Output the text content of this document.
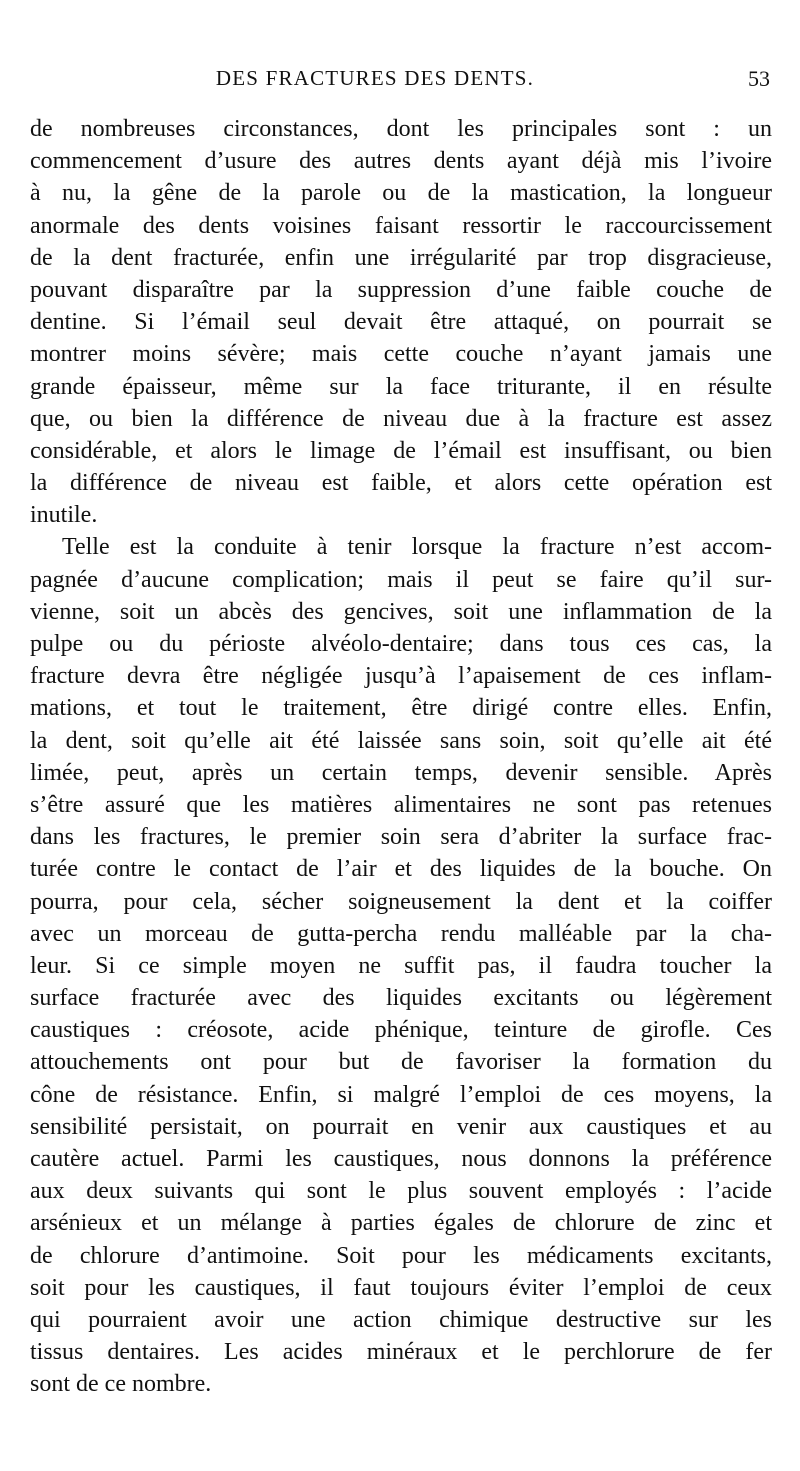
DES FRACTURES DES DENTS.	53
de nombreuses circonstances, dont les principales sont : un
commencement d’usure des autres dents ayant déjà mis l’ivoire
à nu, la gêne de la parole ou de la mastication, la longueur
anormale des dents voisines faisant ressortir le raccourcissement
de la dent fracturée, enfin une irrégularité par trop disgracieuse,
pouvant disparaître par la suppression d’une faible couche de
dentine. Si l’émail seul devait être attaqué, on pourrait se
montrer moins sévère; mais cette couche n’ayant jamais une
grande épaisseur, même sur la face triturante, il en résulte
que, ou bien la différence de niveau due à la fracture est assez
considérable, et alors le limage de l’émail est insuffisant, ou bien
la différence de niveau est faible, et alors cette opération est
inutile.
Telle est la conduite à tenir lorsque la fracture n’est accom-
pagnée d’aucune complication; mais il peut se faire qu’il sur-
vienne, soit un abcès des gencives, soit une inflammation de la
pulpe ou du périoste alvéolo-dentaire; dans tous ces cas, la
fracture devra être négligée jusqu’à l’apaisement de ces inflam-
mations, et tout le traitement, être dirigé contre elles. Enfin,
la dent, soit qu’elle ait été laissée sans soin, soit qu’elle ait été
limée, peut, après un certain temps, devenir sensible. Après
s’être assuré que les matières alimentaires ne sont pas retenues
dans les fractures, le premier soin sera d’abriter la surface frac-
turée contre le contact de l’air et des liquides de la bouche. On
pourra, pour cela, sécher soigneusement la dent et la coiffer
avec un morceau de gutta-percha rendu malléable par la cha-
leur. Si ce simple moyen ne suffit pas, il faudra toucher la
surface fracturée avec des liquides excitants ou légèrement
caustiques : créosote, acide phénique, teinture de girofle. Ces
attouchements ont pour but de favoriser la formation du
cône de résistance. Enfin, si malgré l’emploi de ces moyens, la
sensibilité persistait, on pourrait en venir aux caustiques et au
cautère actuel. Parmi les caustiques, nous donnons la préférence
aux deux suivants qui sont le plus souvent employés : l’acide
arsénieux et un mélange à parties égales de chlorure de zinc et
de chlorure d’antimoine. Soit pour les médicaments excitants,
soit pour les caustiques, il faut toujours éviter l’emploi de ceux
qui pourraient avoir une action chimique destructive sur les
tissus dentaires. Les acides minéraux et le perchlorure de fer
sont de ce nombre.
